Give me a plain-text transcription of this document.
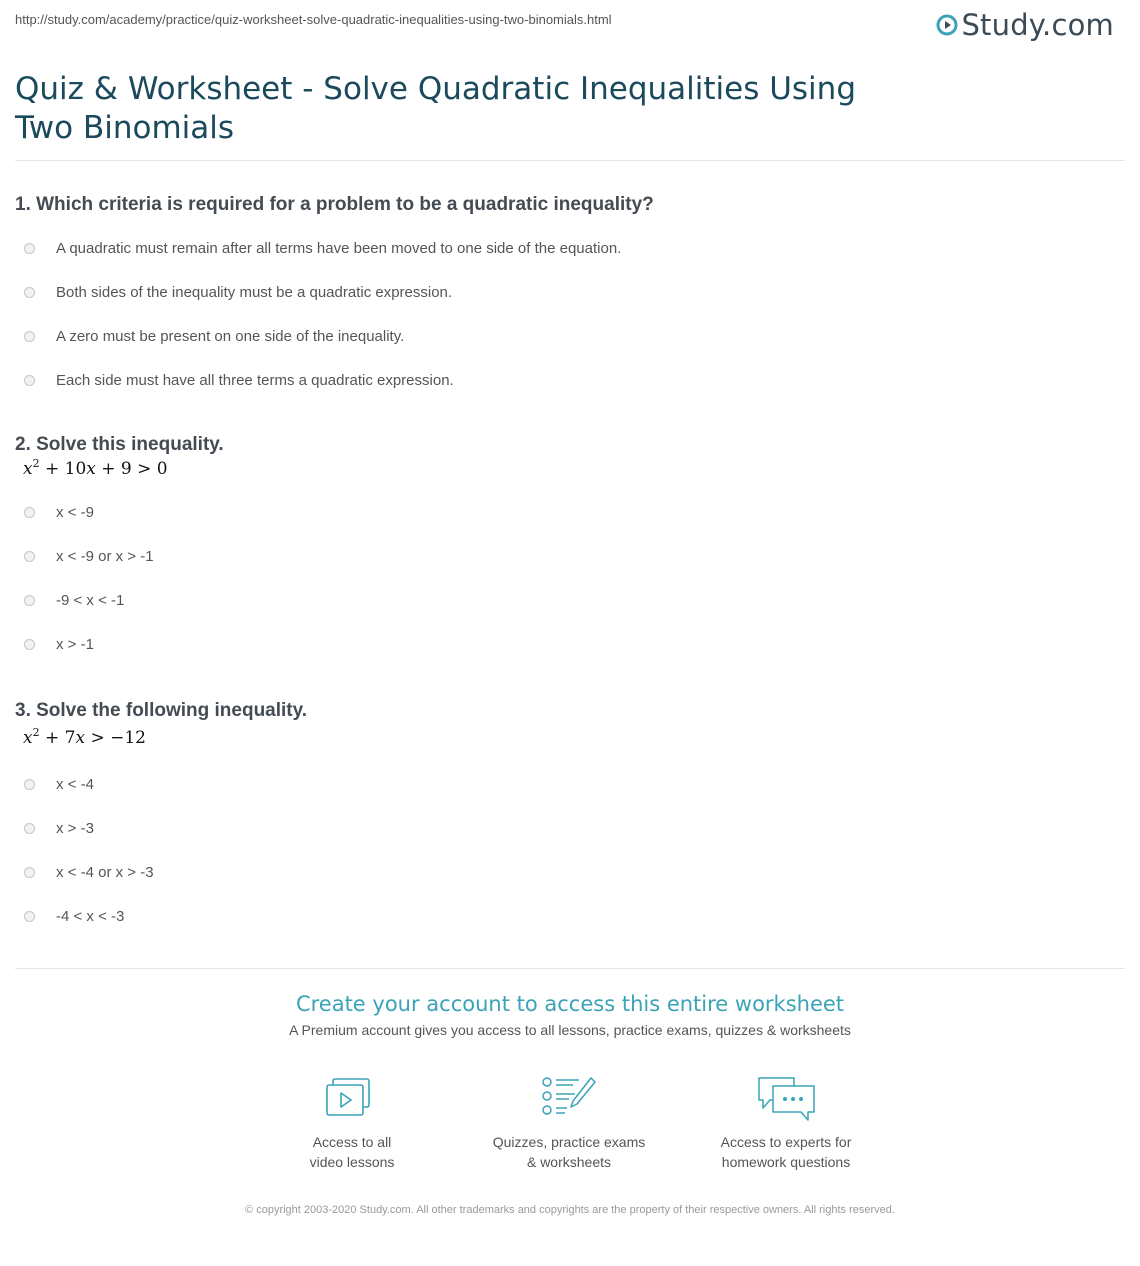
http://study.com/academy/practice/quiz-worksheet-solve-quadratic-inequalities-using-two-binomials.html	Study.com
Quiz & Worksheet - Solve Quadratic Inequalities Using Two Binomials

1. Which criteria is required for a problem to be a quadratic inequality?

A quadratic must remain after all terms have been moved to one side of the equation.
Both sides of the inequality must be a quadratic expression.
A zero must be present on one side of the inequality.
Each side must have all three terms a quadratic expression.

2. Solve this inequality.

$x^2 + 10x + 9 > 0$

x < -9
x < -9 or x > -1
-9 < x < -1
x > -1

3. Solve the following inequality.

$x^2 + 7x > -12$

x < -4
x > -3
x < -4 or x > -3
-4 < x < -3
Create your account to access this entire worksheet
A Premium account gives you access to all lessons, practice exams, quizzes & worksheets
Access to all
video lessons
Quizzes, practice exams
& worksheets
Access to experts for
homework questions
© copyright 2003-2020 Study.com. All other trademarks and copyrights are the property of their respective owners. All rights reserved.
